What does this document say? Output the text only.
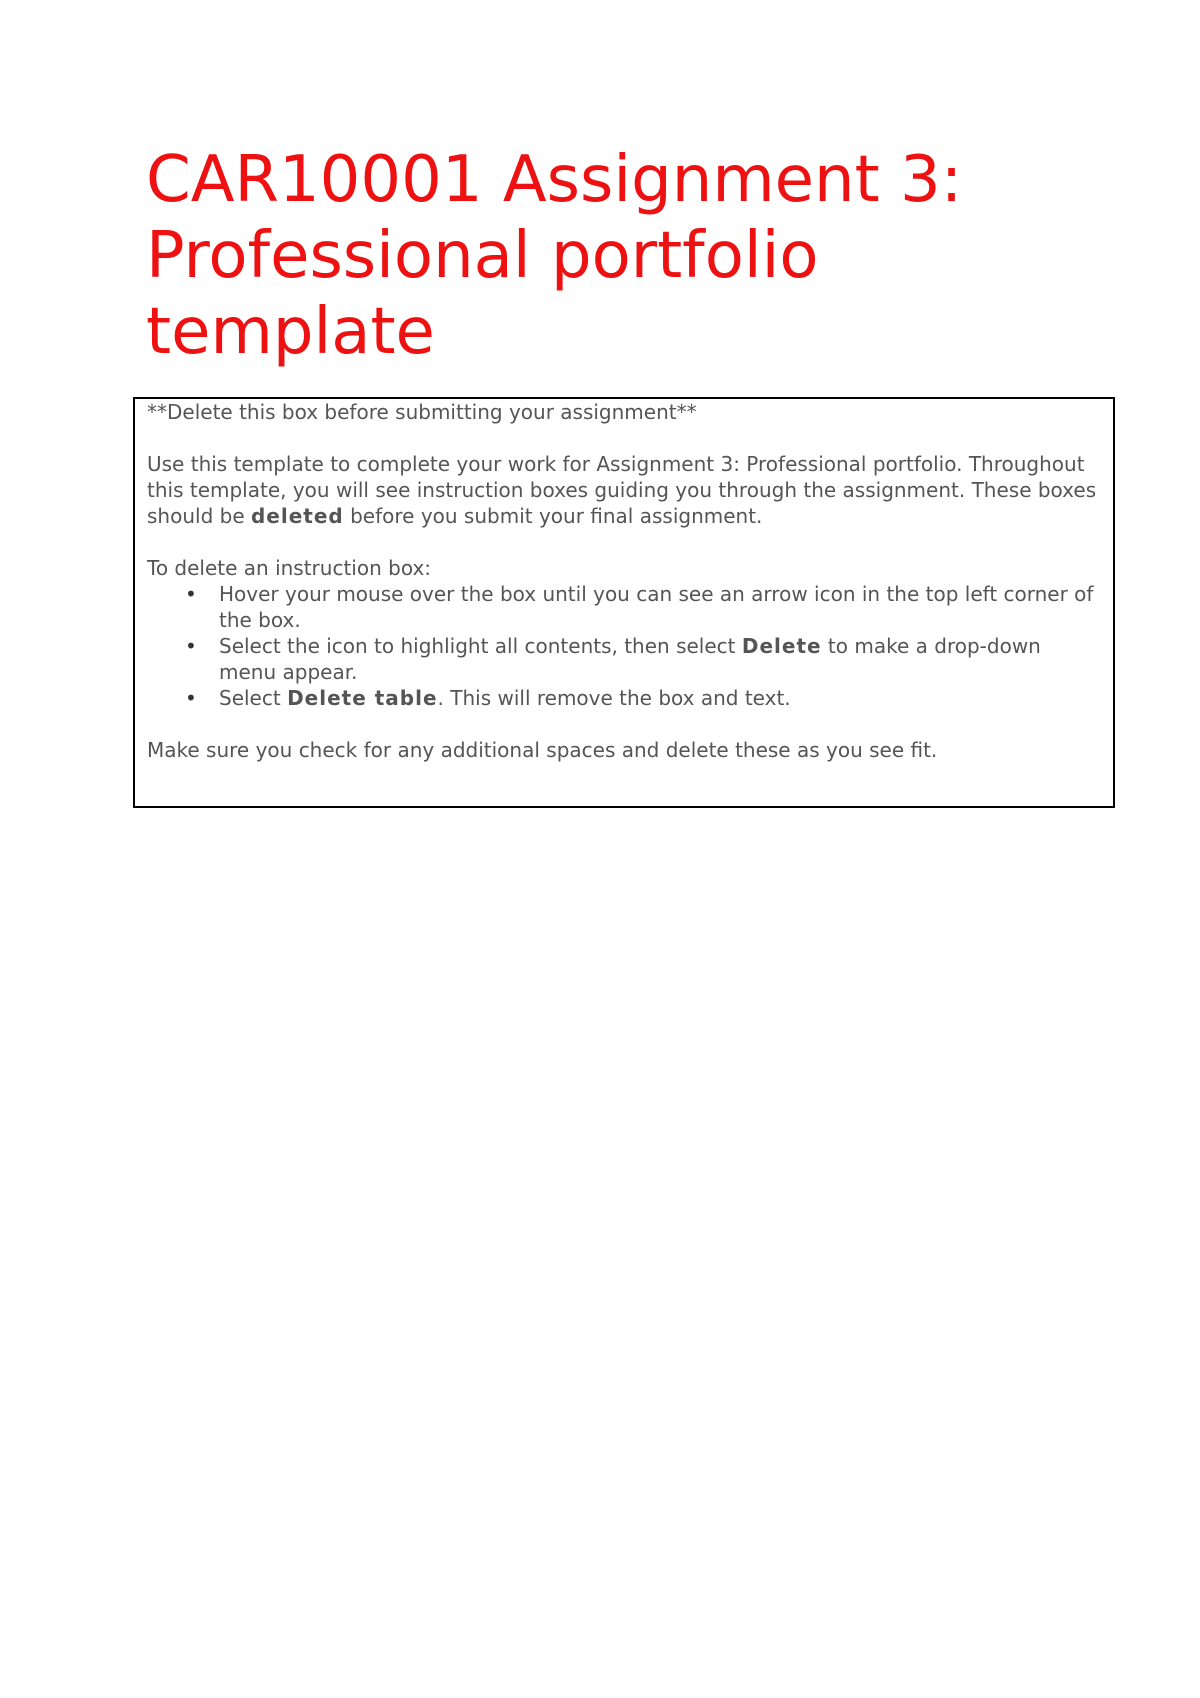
CAR10001 Assignment 3: Professional portfolio template

**Delete this box before submitting your assignment**

Use this template to complete your work for Assignment 3: Professional portfolio. Throughout this template, you will see instruction boxes guiding you through the assignment. These boxes should be deleted before you submit your final assignment.

To delete an instruction box:

• Hover your mouse over the box until you can see an arrow icon in the top left corner of the box.
• Select the icon to highlight all contents, then select Delete to make a drop-down menu appear.
• Select Delete table. This will remove the box and text.

Make sure you check for any additional spaces and delete these as you see fit.
